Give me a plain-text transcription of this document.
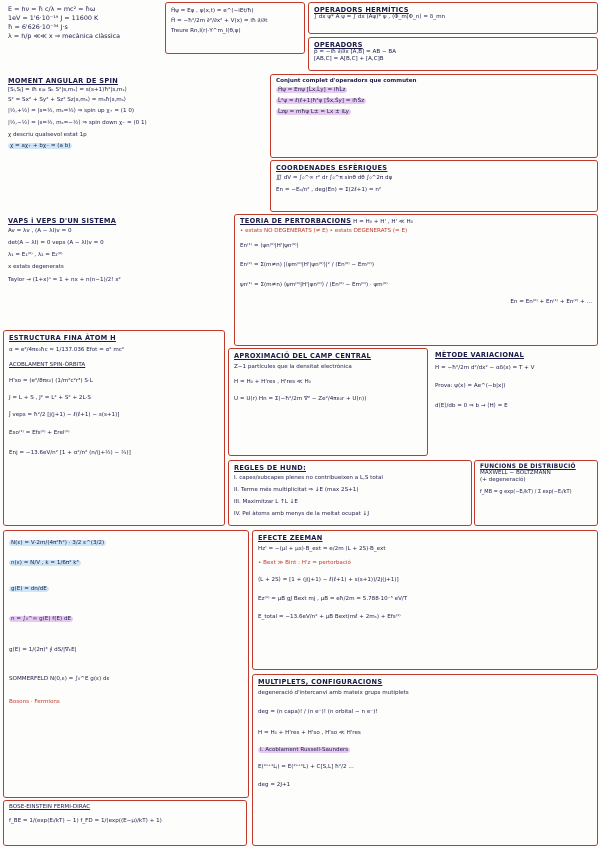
E = hν = ħ c/λ = mc² = ħω
1eV = 1'6·10⁻¹⁹ J = 11600 K
ħ = 6'626·10⁻³⁴ J·s
λ = h/p ≪≪ x ⇒ mecànica clàssica
Ĥψ = Eψ , ψ(x,t) = e^(−iEt/ħ)
Ĥ = −ħ²/2m ∂²/∂x² + V(x) = iħ ∂/∂t
Treure Rn,l(r)·Y^m_l(θ,φ)
OPERADORS HERMÍTICS
∫ dx ψ* Â ψ = ∫ dx (Âψ)* ψ , ⟨Φ_m|Φ_n⟩ = δ_mn
OPERADORS
p̂ = −iħ ∂/∂x [A,B] = AB − BA
[AB,C] = A[B,C] + [A,C]B
MOMENT ANGULAR DE SPIN
[Sᵢ,Sⱼ] = iħ εᵢⱼₖ Sₖ S²|s,mₛ⟩ = s(s+1)ħ²|s,mₛ⟩
S² = Sx² + Sy² + Sz² Sz|s,mₛ⟩ = mₛħ|s,mₛ⟩
|½,+½⟩ = |s=½, mₛ=½⟩ ⇒ spin up χ₊ = (1 0)
|½,−½⟩ = |s=½, mₛ=−½⟩ ⇒ spin down χ₋ = (0 1)
χ descriu qualsevol estat 1p
χ = aχ₊ + bχ₋ = (a b)
Conjunt complet d'operadors que commuten
Ĥψ = Enψ [L̂x,L̂y] = iħL̂z
L̂²ψ = ℓ(ℓ+1)ħ²ψ [Ŝx,Ŝy] = iħŜz
L̂zψ = mħψ L± = Lx ± iLy
COORDENADES ESFÈRIQUES
∭ dV = ∫₀^∞ r² dr ∫₀^π sinθ dθ ∫₀^2π dφ
En = −Eₒ/n² , deg(En) = Σ(2ℓ+1) = n²
VAPS i VEPS D'UN SISTEMA
Av = λv , (A − λI)v = 0
det(A − λI) = 0 veps (A − λI)v = 0
λ₁ = E₁⁽⁰⁾ , λ₂ = E₂⁽⁰⁾
x estats degenerats
Taylor → (1+x)ⁿ = 1 + nx + n(n−1)/2! x²
TEORIA DE PERTORBACIONS H = H₀ + H' , H' ≪ H₀
• estats NO DEGENERATS (≠ E) • estats DEGENERATS (= E)
En⁽¹⁾ = ⟨ψn⁽⁰⁾|H'|ψn⁽⁰⁾⟩
En⁽²⁾ = Σ(m≠n) |⟨ψm⁽⁰⁾|H'|ψn⁽⁰⁾⟩|² / (En⁽⁰⁾ − Em⁽⁰⁾)
ψn⁽¹⁾ = Σ(m≠n) ⟨ψm⁽⁰⁾|H'|ψn⁽⁰⁾⟩ / (En⁽⁰⁾ − Em⁽⁰⁾) · ψm⁽⁰⁾
En = En⁽⁰⁾ + En⁽¹⁾ + En⁽²⁾ + ...
ESTRUCTURA FINA ÀTOM H
α = e²/4πε₀ħc ≈ 1/137.036 Efot = α² mc²
ACOBLAMENT SPIN-ÒRBITA
H'so = (e²/8πε₀) (1/m²c²r³) S·L
J = L + S , J² = L² + S² + 2L·S
Ĵ veps = ħ²/2 [j(j+1) − ℓ(ℓ+1) − s(s+1)]
Eso⁽¹⁾ = Efs⁽¹⁾ + Erel⁽¹⁾
Enj = −13.6eV/n² [1 + α²/n² (n/(j+½) − ¾)]
APROXIMACIÓ DEL CAMP CENTRAL
Z−1 partícules que la densitat electrònica
H = H₀ + H'res , H'res ≪ H₀
U = U(r) Hn = Σ(−ħ²/2m ∇² − Ze²/4πε₀r + U(rᵢ))
MÈTODE VARIACIONAL
H = −ħ²/2m d²/dx² − αδ(x) = T + V
Prova: ψ(x) = Ae^(−b|x|)
d⟨E⟩/db = 0 ⇒ b → ⟨H⟩ = E
REGLES DE HUND:
I. capes/subcapes plenes no contribueixen a L,S total
II. Terme més multiplicitat ⇒ ↓E (max 2S+1)
III. Maximitzar L ↑L ↓E
IV. Pel àtoms amb menys de la meitat ocupat ↓J
FUNCIONS DE DISTRIBUCIÓ
MAXWELL − BOLTZMANN
(+ degeneració)
f_MB = g exp(−Eᵢ/kT) / Σ exp(−Eᵢ/kT)
N(ε) = V·2m/(4π²ħ²) · 3/2 ε^(3/2)
n(ε) = N/V , k = 1/6π² k³
g(E) = dn/dE
n = ∫₀^∞ g(E) f(E) dE
g(E) = 1/(2π)³ ∮ dS/|∇ₖE|
SOMMERFELD N(0,ε) = ∫₀^E g(ε) dε
Bosons · Fermions
BOSE-EINSTEIN FERMI-DIRAC
f_BE = 1/(exp(Eᵢ/kT) − 1) f_FD = 1/(exp((E−μ)/kT) + 1)
EFECTE ZEEMAN
Hz' = −(μl + μs)·B_ext = e/2m (L + 2S)·B_ext
• Bext ≫ Bint : H'z = pertorbació
⟨L + 2S⟩ = [1 + (j(j+1) − ℓ(ℓ+1) + s(s+1))/2j(j+1)]
Ez⁽¹⁾ = μB gJ Bext mj , μB = eħ/2m = 5.788·10⁻⁵ eV/T
E_total = −13.6eV/n² + μB Bext(mℓ + 2mₛ) + Efs⁽¹⁾
MULTIPLETS, CONFIGURACIONS
degeneració d'intercanvi amb mateix grups mutiplets
deg = (n capa)! / (n e⁻)! (n orbital − n e⁻)!
H = H₀ + H'res + H'so , H'so ≪ H'res
I. Acoblament Russell-Saunders
E(²ˢ⁺¹Lⱼ) = E(²ˢ⁺¹L) + C[S,L] ħ²/2 ...
deg = 2J+1
